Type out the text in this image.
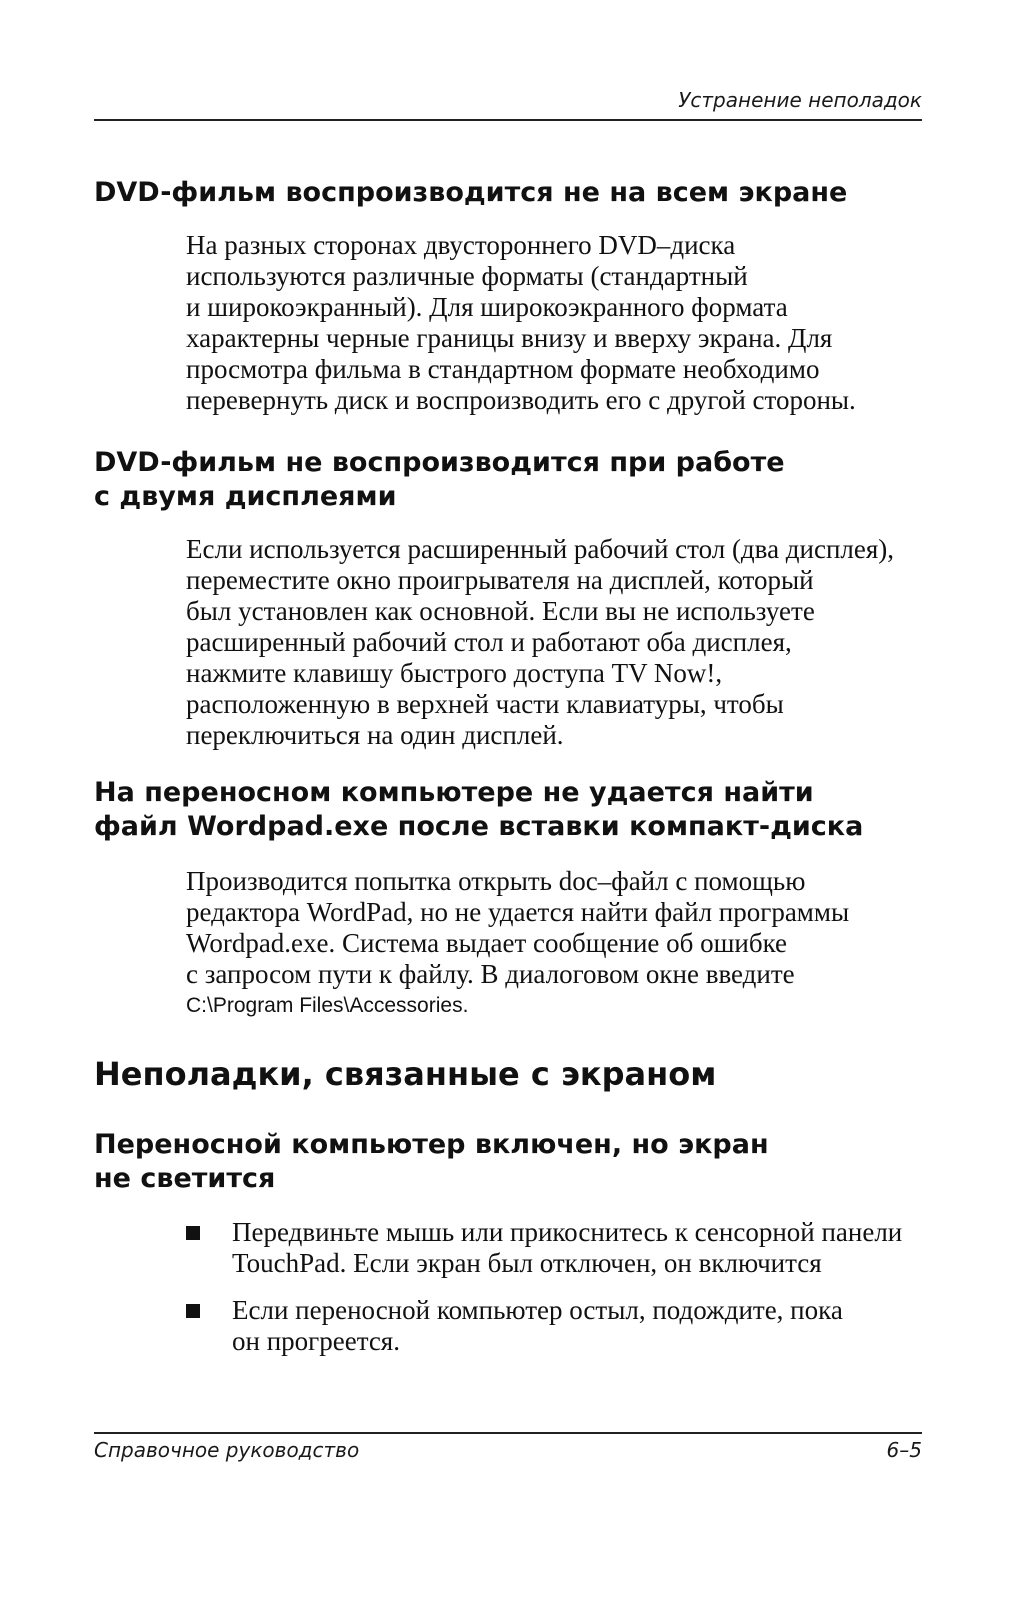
Устранение неполадок
DVD-фильм воспроизводится не на всем экране
На разных сторонах двустороннего DVD–диска
используются различные форматы (стандартный
и широкоэкранный). Для широкоэкранного формата
характерны черные границы внизу и вверху экрана. Для
просмотра фильма в стандартном формате необходимо
перевернуть диск и воспроизводить его с другой стороны.
DVD-фильм не воспроизводится при работе
с двумя дисплеями
Если используется расширенный рабочий стол (два дисплея),
переместите окно проигрывателя на дисплей, который
был установлен как основной. Если вы не используете
расширенный рабочий стол и работают оба дисплея,
нажмите клавишу быстрого доступа TV Now!,
расположенную в верхней части клавиатуры, чтобы
переключиться на один дисплей.
На переносном компьютере не удается найти
файл Wordpad.exe после вставки компакт-диска
Производится попытка открыть doc–файл с помощью
редактора WordPad, но не удается найти файл программы
Wordpad.exe. Система выдает сообщение об ошибке
с запросом пути к файлу. В диалоговом окне введите
C:\Program Files\Accessories.
Неполадки, связанные с экраном
Переносной компьютер включен, но экран
не светится
Передвиньте мышь или прикоснитесь к сенсорной панели
TouchPad. Если экран был отключен, он включится
Если переносной компьютер остыл, подождите, пока
он прогреется.
Справочное руководство	6–5
